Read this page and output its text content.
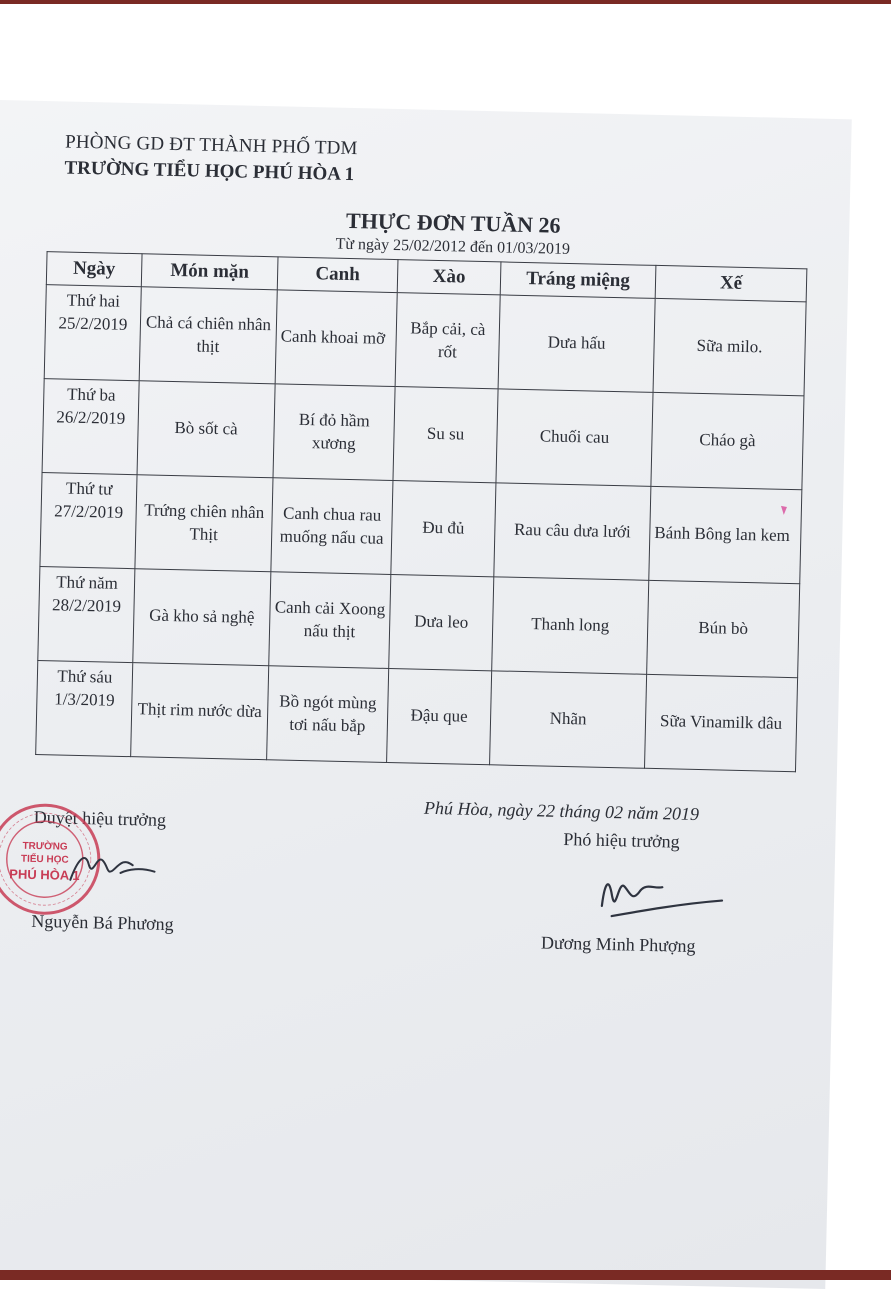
PHÒNG GD ĐT THÀNH PHỐ TDM
TRƯỜNG TIỂU HỌC PHÚ HÒA 1
THỰC ĐƠN TUẦN 26
Từ ngày 25/02/2012 đến 01/03/2019
Ngày	Món mặn	Canh	Xào	Tráng miệng	Xế

Thứ hai
25/2/2019	Chả cá chiên nhân thịt	Canh khoai mỡ	Bắp cải, cà rốt	Dưa hấu	Sữa milo.

Thứ ba
26/2/2019	Bò sốt cà	Bí đỏ hầm xương	Su su	Chuối cau	Cháo gà

Thứ tư
27/2/2019	Trứng chiên nhân Thịt	Canh chua rau muống nấu cua	Đu đủ	Rau câu dưa lưới	Bánh Bông lan kem

Thứ năm
28/2/2019	Gà kho sả nghệ	Canh cải Xoong nấu thịt	Dưa leo	Thanh long	Bún bò

Thứ sáu
1/3/2019	Thịt rim nước dừa	Bồ ngót mùng tơi nấu bắp	Đậu que	Nhãn	Sữa Vinamilk dâu
Phú Hòa, ngày 22 tháng 02 năm 2019
Duyệt hiệu trưởng
Phó hiệu trưởng
TRƯỜNG
TIỂU HỌC
PHÚ HÒA 1
Nguyễn Bá Phương
Dương Minh Phượng
